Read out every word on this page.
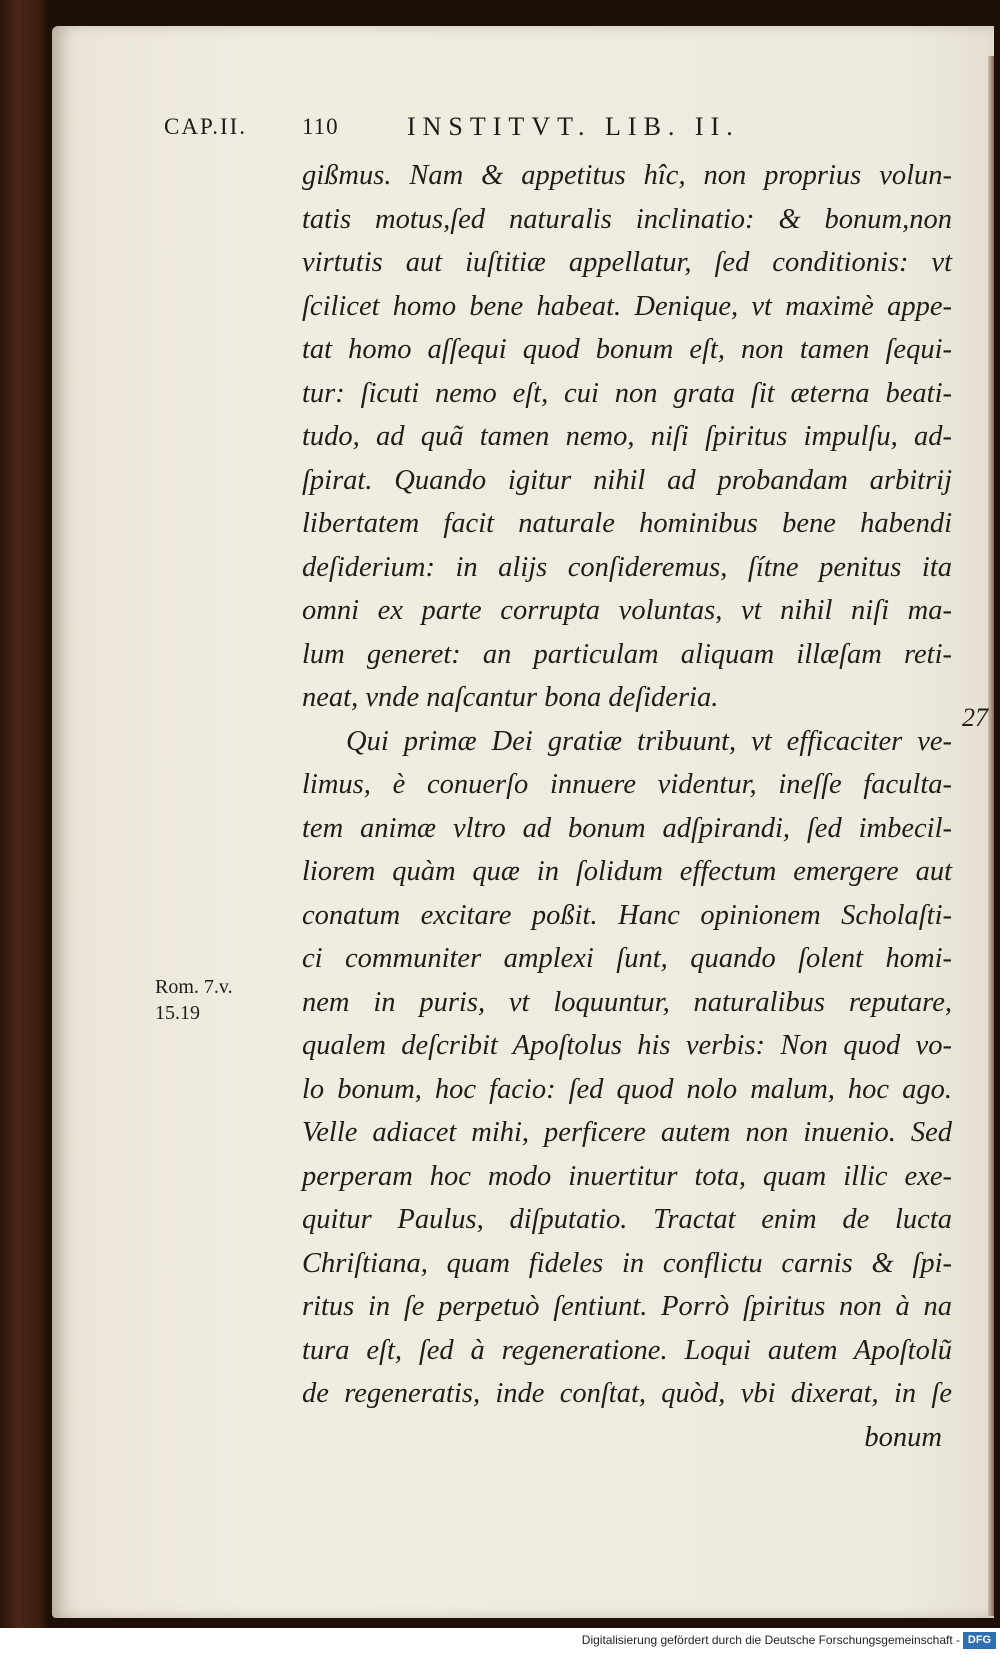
CAP.II. 110	INSTITVT. LIB. II.
gißmus. Nam & appetitus hîc, non proprius volun-
tatis motus,ſed naturalis inclinatio: & bonum,non
virtutis aut iuſtitiæ appellatur, ſed conditionis: vt
ſcilicet homo bene habeat. Denique, vt maximè appe-
tat homo aſſequi quod bonum eſt, non tamen ſequi-
tur: ſicuti nemo eſt, cui non grata ſit æterna beati-
tudo, ad quã tamen nemo, niſi ſpiritus impulſu, ad-
ſpirat. Quando igitur nihil ad probandam arbitrij
libertatem facit naturale hominibus bene habendi
deſiderium: in alijs conſideremus, ſítne penitus ita
omni ex parte corrupta voluntas, vt nihil niſi ma-
lum generet: an particulam aliquam illæſam reti-
neat, vnde naſcantur bona deſideria.
Qui primæ Dei gratiæ tribuunt, vt efficaciter ve-
limus, è conuerſo innuere videntur, ineſſe faculta-
tem animæ vltro ad bonum adſpirandi, ſed imbecil-
liorem quàm quæ in ſolidum effectum emergere aut
conatum excitare poßit. Hanc opinionem Scholaſti-
ci communiter amplexi ſunt, quando ſolent homi-
nem in puris, vt loquuntur, naturalibus reputare,
qualem deſcribit Apoſtolus his verbis: Non quod vo-
lo bonum, hoc facio: ſed quod nolo malum, hoc ago.
Velle adiacet mihi, perficere autem non inuenio. Sed
perperam hoc modo inuertitur tota, quam illic exe-
quitur Paulus, diſputatio. Tractat enim de lucta
Chriſtiana, quam fideles in conflictu carnis & ſpi-
ritus in ſe perpetuò ſentiunt. Porrò ſpiritus non à na
tura eſt, ſed à regeneratione. Loqui autem Apoſtolũ
de regeneratis, inde conſtat, quòd, vbi dixerat, in ſe
bonum
Rom. 7.v.
15.19
27
Digitalisierung gefördert durch die Deutsche Forschungsgemeinschaft - DFG
